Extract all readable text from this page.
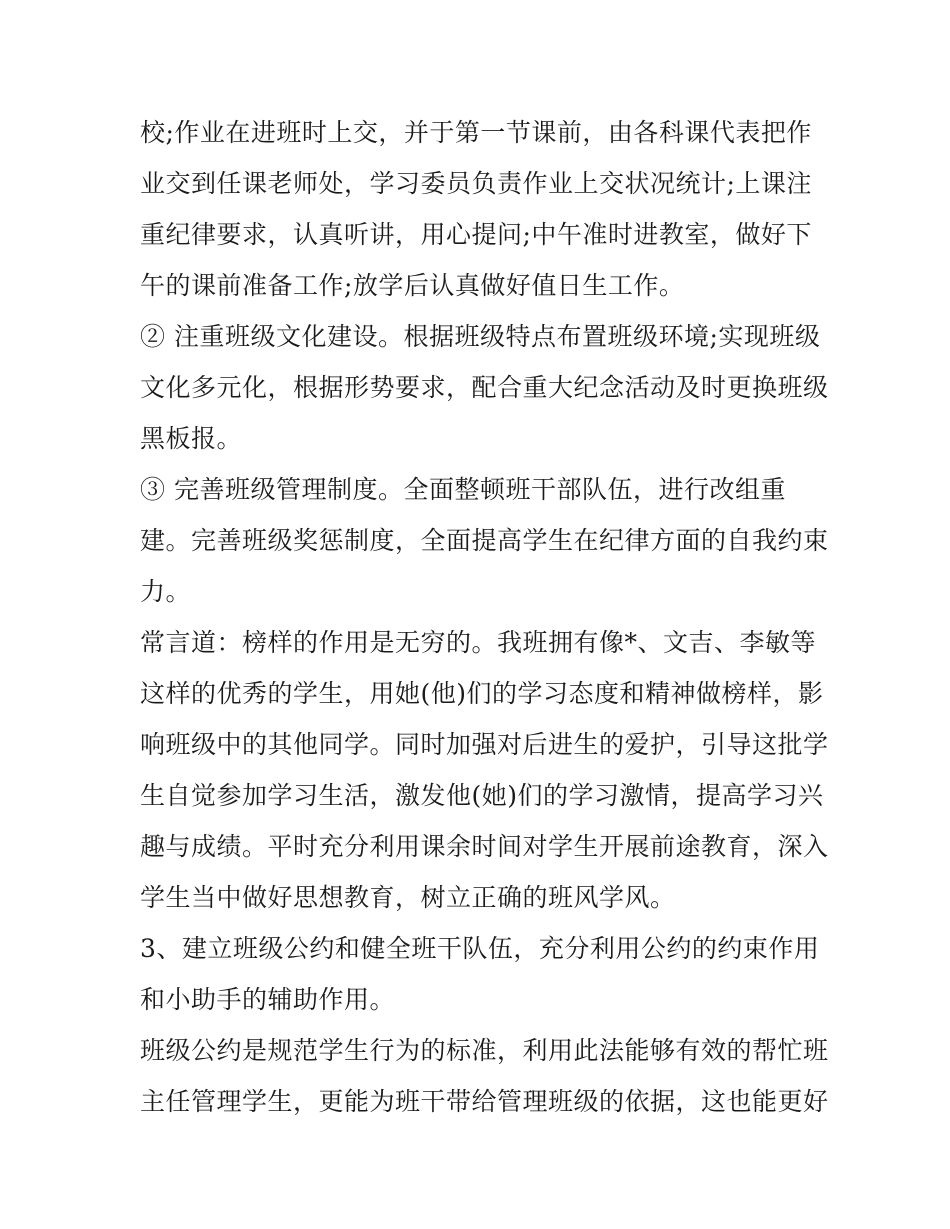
校;作业在进班时上交，并于第一节课前，由各科课代表把作
业交到任课老师处，学习委员负责作业上交状况统计;上课注
重纪律要求，认真听讲，用心提问;中午准时进教室，做好下
午的课前准备工作;放学后认真做好值日生工作。
② 注重班级文化建设。根据班级特点布置班级环境;实现班级
文化多元化，根据形势要求，配合重大纪念活动及时更换班级
黑板报。
③ 完善班级管理制度。全面整顿班干部队伍，进行改组重
建。完善班级奖惩制度，全面提高学生在纪律方面的自我约束
力。
常言道：榜样的作用是无穷的。我班拥有像*、文吉、李敏等
这样的优秀的学生，用她(他)们的学习态度和精神做榜样，影
响班级中的其他同学。同时加强对后进生的爱护，引导这批学
生自觉参加学习生活，激发他(她)们的学习激情，提高学习兴
趣与成绩。平时充分利用课余时间对学生开展前途教育，深入
学生当中做好思想教育，树立正确的班风学风。
3、建立班级公约和健全班干队伍，充分利用公约的约束作用
和小助手的辅助作用。
班级公约是规范学生行为的标准，利用此法能够有效的帮忙班
主任管理学生，更能为班干带给管理班级的依据，这也能更好
